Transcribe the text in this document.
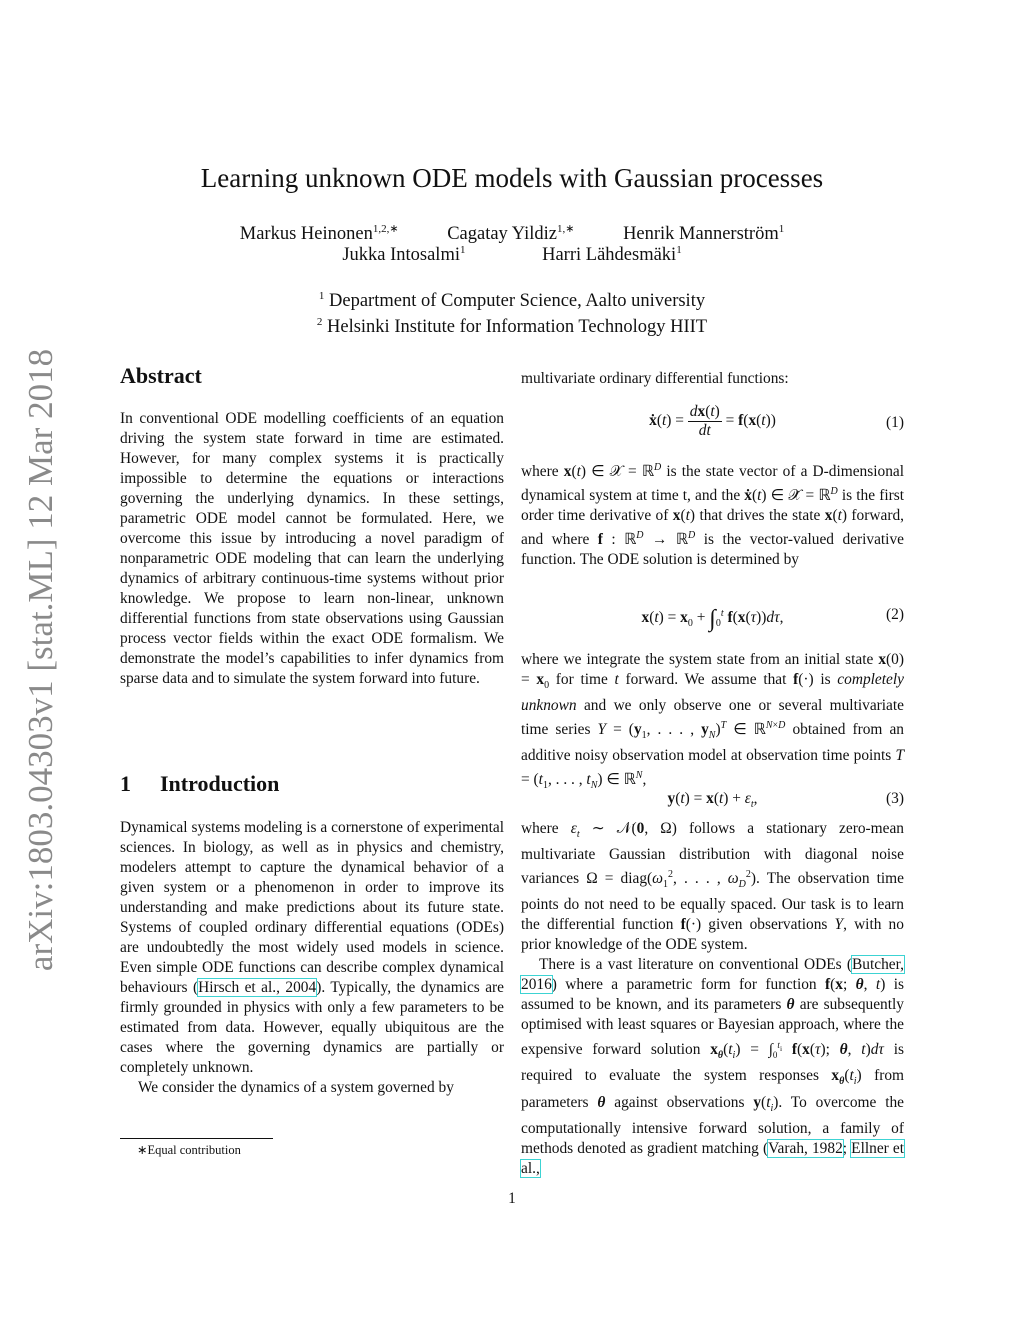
arXiv:1803.04303v1 [stat.ML] 12 Mar 2018
Learning unknown ODE models with Gaussian processes
Markus Heinonen$^{1,2,∗}$	Cagatay Yildiz$^{1,∗}$	Henrik Mannerström$^1$
Jukka Intosalmi$^1$	Harri Lähdesmäki$^1$
$^1$ Department of Computer Science, Aalto university
$^2$ Helsinki Institute for Information Technology HIIT
Abstract

In conventional ODE modelling coefficients of an equation driving the system state forward in time are estimated. However, for many complex systems it is practically impossible to determine the equations or interactions governing the underlying dynamics. In these settings, parametric ODE model cannot be formulated. Here, we overcome this issue by introducing a novel paradigm of nonparametric ODE modeling that can learn the underlying dynamics of arbitrary continuous-time systems without prior knowledge. We propose to learn non-linear, unknown differential functions from state observations using Gaussian process vector fields within the exact ODE formalism. We demonstrate the model’s capabilities to infer dynamics from sparse data and to simulate the system forward into future.

1 Introduction

Dynamical systems modeling is a cornerstone of experimental sciences. In biology, as well as in physics and chemistry, modelers attempt to capture the dynamical behavior of a given system or a phenomenon in order to improve its understanding and make predictions about its future state. Systems of coupled ordinary differential equations (ODEs) are undoubtedly the most widely used models in science. Even simple ODE functions can describe complex dynamical behaviours (Hirsch et al., 2004). Typically, the dynamics are firmly grounded in physics with only a few parameters to be estimated from data. However, equally ubiquitous are the cases where the governing dynamics are partially or completely unknown.

We consider the dynamics of a system governed by

∗Equal contribution

multivariate ordinary differential functions:

ẋ(t) = $\frac{dx(t)}{dt} = f(x(t))$	(1)

where x(t) ∈ 𝒳 = ℝ$^D$ is the state vector of a D-dimensional dynamical system at time t, and the ẋ(t) ∈ 𝒳̇ = ℝ$^D$ is the first order time derivative of x(t) that drives the state x(t) forward, and where f : ℝ$^D$ → ℝ$^D$ is the vector-valued derivative function. The ODE solution is determined by

$x(t) = x_0 + \int_0^t$ f(x(τ))dτ,	(2)

where we integrate the system state from an initial state $x(0) = x_0$ for time t forward. We assume that f(·) is completely unknown and we only observe one or several multivariate time series $Y = (y_1$, . . . , $y_N)^T$ ∈ ℝ$^{N\times D}$ obtained from an additive noisy observation model at observation time points $T = (t_1$, . . . , $t_N$) ∈ ℝ$^N$,

$y(t) = x(t) + \varepsilon_t$,	(3)

where $\varepsilon_t$ ∼ 𝒩(0, Ω) follows a stationary zero-mean multivariate Gaussian distribution with diagonal noise variances $\Omega = diag(\omega_1^2$, . . . , $\omega_D^2$). The observation time points do not need to be equally spaced. Our task is to learn the differential function f(·) given observations Y, with no prior knowledge of the ODE system.

There is a vast literature on conventional ODEs (Butcher, 2016) where a parametric form for function f(x; θ, t) is assumed to be known, and its parameters θ are subsequently optimised with least squares or Bayesian approach, where the expensive forward solution $x_\theta(t_i) = \int_0^{t_i}$ f(x(τ); θ, t)dτ is required to evaluate the system responses $x_\theta(t_i)$ from parameters θ against observations $y(t_i)$. To overcome the computationally intensive forward solution, a family of methods denoted as gradient matching (Varah, 1982; Ellner et al.,

1
